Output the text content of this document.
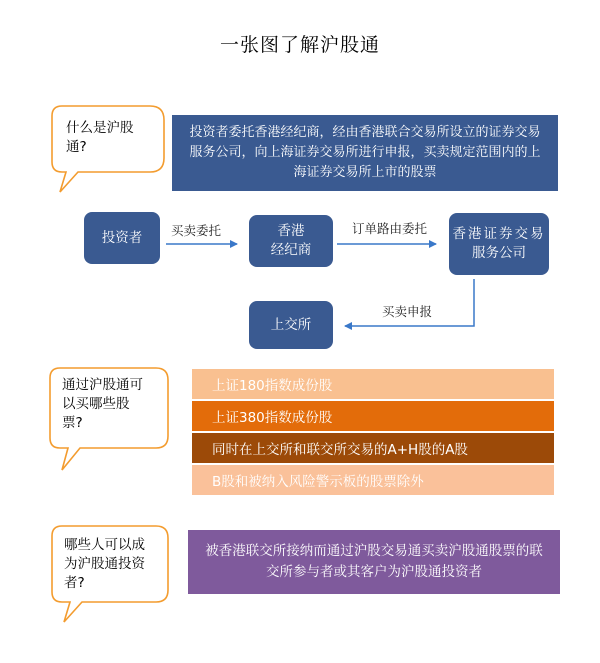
一张图了解沪股通
什么是沪股
通?
投资者委托香港经纪商，经由香港联合交易所设立的证券交易服务公司，向上海证券交易所进行申报，买卖规定范围内的上海证券交易所上市的股票
投资者 买卖委托	香港
经纪商
订单路由委托 香港证券交易
服务公司
买卖申报
上交所
通过沪股通可
以买哪些股
票?
上证180指数成份股
上证380指数成份股
同时在上交所和联交所交易的A+H股的A股
B股和被纳入风险警示板的股票除外
哪些人可以成
为沪股通投资
者?
被香港联交所接纳而通过沪股交易通买卖沪股通股票的联交所参与者或其客户为沪股通投资者
